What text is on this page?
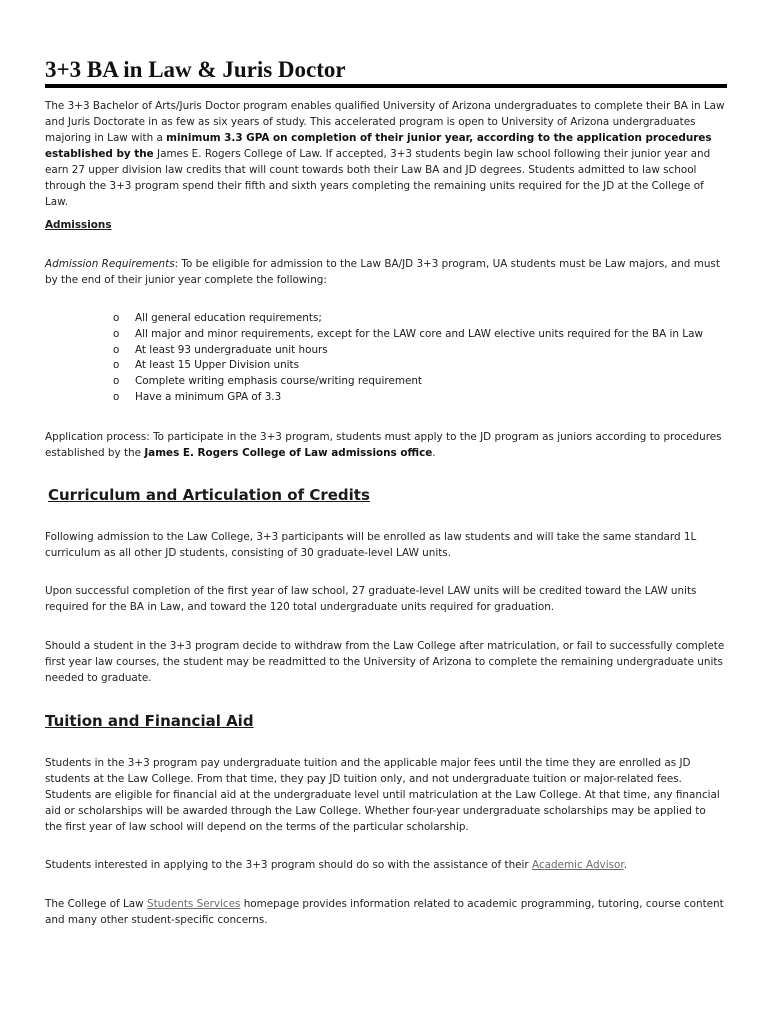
3+3 BA in Law & Juris Doctor

The 3+3 Bachelor of Arts/Juris Doctor program enables qualified University of Arizona undergraduates to complete their BA in Law and Juris Doctorate in as few as six years of study. This accelerated program is open to University of Arizona undergraduates majoring in Law with a minimum 3.3 GPA on completion of their junior year, according to the application procedures established by the James E. Rogers College of Law. If accepted, 3+3 students begin law school following their junior year and earn 27 upper division law credits that will count towards both their Law BA and JD degrees. Students admitted to law school through the 3+3 program spend their fifth and sixth years completing the remaining units required for the JD at the College of Law.

Admissions

Admission Requirements: To be eligible for admission to the Law BA/JD 3+3 program, UA students must be Law majors, and must by the end of their junior year complete the following:

o All general education requirements;
o All major and minor requirements, except for the LAW core and LAW elective units required for the BA in Law
o At least 93 undergraduate unit hours
o At least 15 Upper Division units
o Complete writing emphasis course/writing requirement
o Have a minimum GPA of 3.3

Application process: To participate in the 3+3 program, students must apply to the JD program as juniors according to procedures established by the James E. Rogers College of Law admissions office.

Curriculum and Articulation of Credits

Following admission to the Law College, 3+3 participants will be enrolled as law students and will take the same standard 1L curriculum as all other JD students, consisting of 30 graduate-level LAW units.

Upon successful completion of the first year of law school, 27 graduate-level LAW units will be credited toward the LAW units required for the BA in Law, and toward the 120 total undergraduate units required for graduation.

Should a student in the 3+3 program decide to withdraw from the Law College after matriculation, or fail to successfully complete first year law courses, the student may be readmitted to the University of Arizona to complete the remaining undergraduate units needed to graduate.

Tuition and Financial Aid

Students in the 3+3 program pay undergraduate tuition and the applicable major fees until the time they are enrolled as JD students at the Law College. From that time, they pay JD tuition only, and not undergraduate tuition or major-related fees. Students are eligible for financial aid at the undergraduate level until matriculation at the Law College. At that time, any financial aid or scholarships will be awarded through the Law College. Whether four-year undergraduate scholarships may be applied to the first year of law school will depend on the terms of the particular scholarship.

Students interested in applying to the 3+3 program should do so with the assistance of their Academic Advisor.

The College of Law Students Services homepage provides information related to academic programming, tutoring, course content and many other student-specific concerns.
